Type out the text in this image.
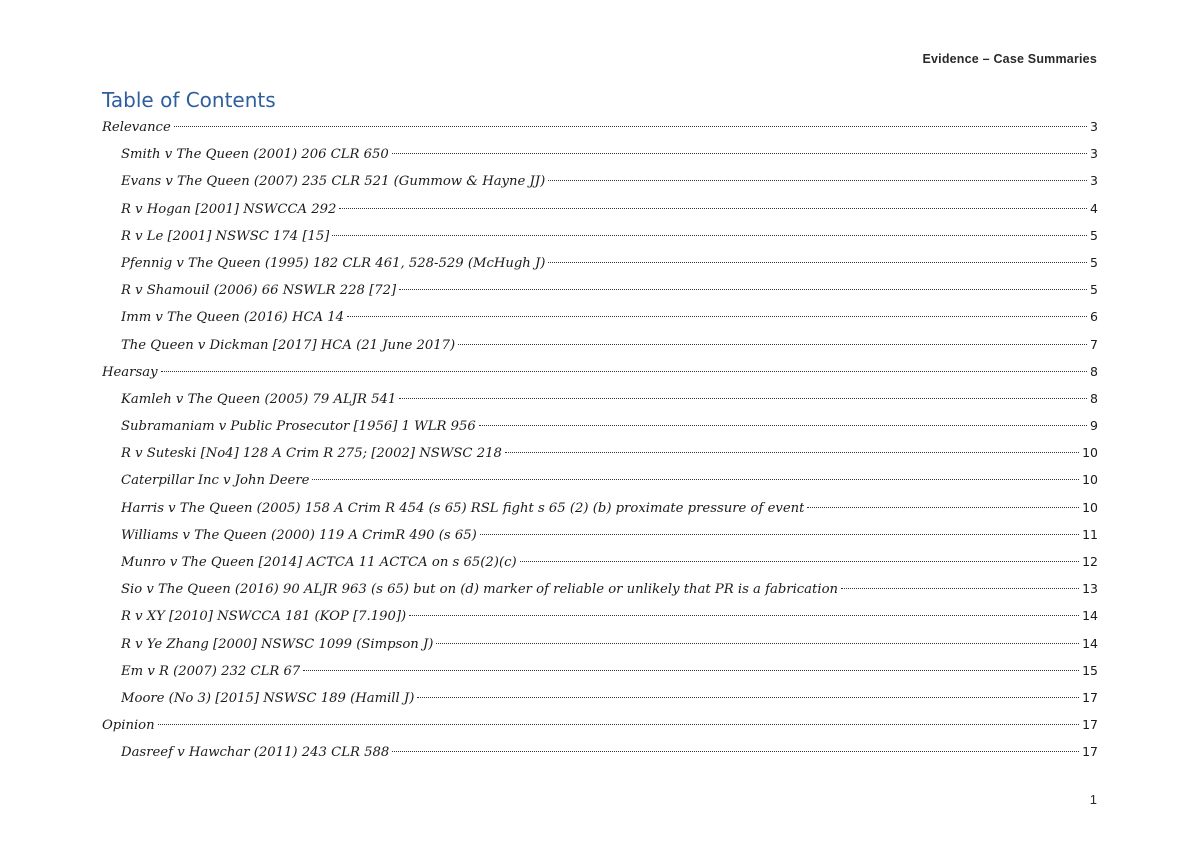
Evidence – Case Summaries
Table of Contents
Relevance	3
Smith v The Queen (2001) 206 CLR 650	3
Evans v The Queen (2007) 235 CLR 521 (Gummow & Hayne JJ)	3
R v Hogan [2001] NSWCCA 292	4
R v Le [2001] NSWSC 174 [15]	5
Pfennig v The Queen (1995) 182 CLR 461, 528-529 (McHugh J)	5
R v Shamouil (2006) 66 NSWLR 228 [72]	5
Imm v The Queen (2016) HCA 14	6
The Queen v Dickman [2017] HCA (21 June 2017)	7
Hearsay	8
Kamleh v The Queen (2005) 79 ALJR 541	8
Subramaniam v Public Prosecutor [1956] 1 WLR 956	9
R v Suteski [No4] 128 A Crim R 275; [2002] NSWSC 218	10
Caterpillar Inc v John Deere	10
Harris v The Queen (2005) 158 A Crim R 454 (s 65) RSL fight s 65 (2) (b) proximate pressure of event	10
Williams v The Queen (2000) 119 A CrimR 490 (s 65)	11
Munro v The Queen [2014] ACTCA 11 ACTCA on s 65(2)(c)	12
Sio v The Queen (2016) 90 ALJR 963 (s 65) but on (d) marker of reliable or unlikely that PR is a fabrication	13
R v XY [2010] NSWCCA 181 (KOP [7.190])	14
R v Ye Zhang [2000] NSWSC 1099 (Simpson J)	14
Em v R (2007) 232 CLR 67	15
Moore (No 3) [2015] NSWSC 189 (Hamill J)	17
Opinion	17
Dasreef v Hawchar (2011) 243 CLR 588	17
1
